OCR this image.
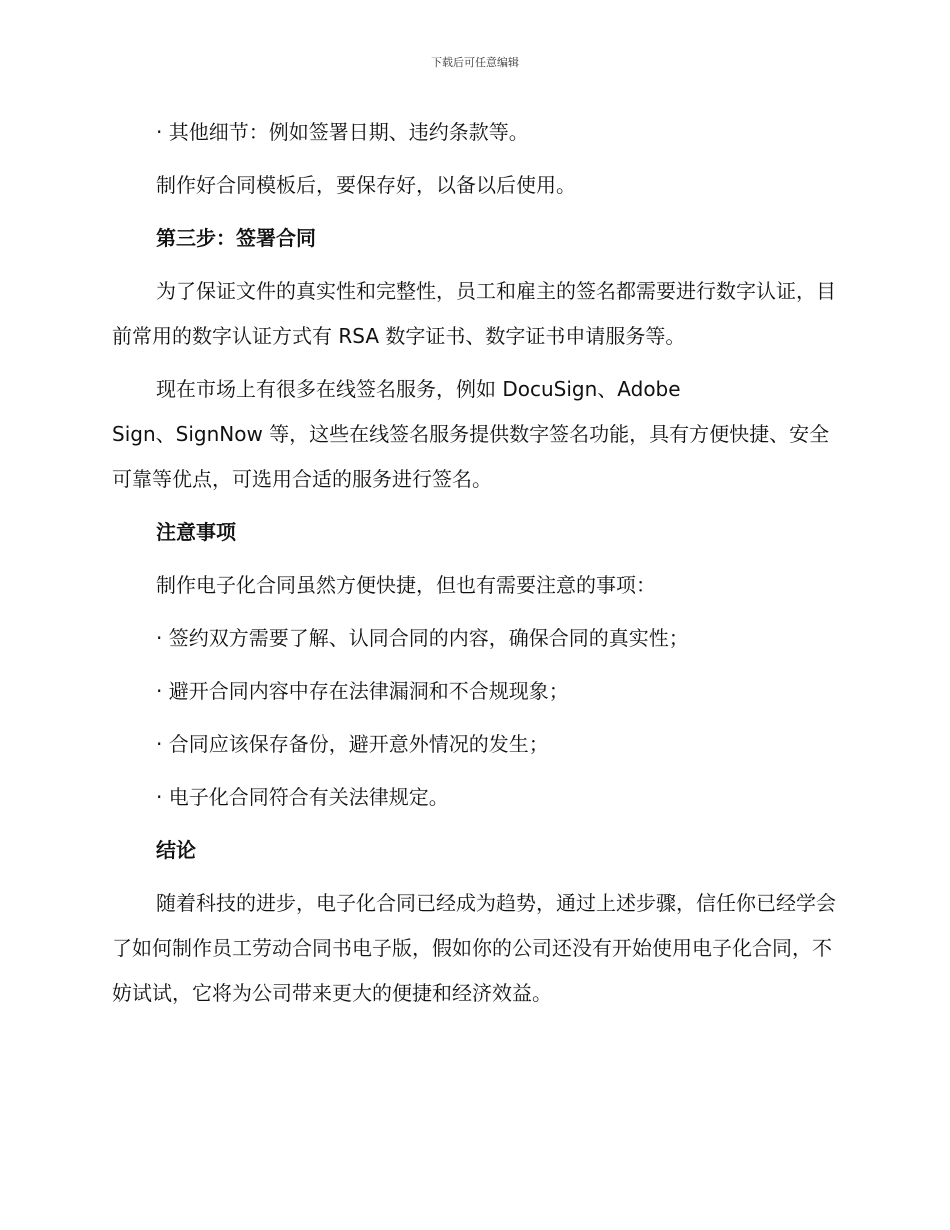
下载后可任意编辑

· 其他细节：例如签署日期、违约条款等。

制作好合同模板后，要保存好，以备以后使用。

第三步：签署合同

为了保证文件的真实性和完整性，员工和雇主的签名都需要进行数字认证，目前常用的数字认证方式有 RSA 数字证书、数字证书申请服务等。

现在市场上有很多在线签名服务，例如 DocuSign、Adobe

Sign、SignNow 等，这些在线签名服务提供数字签名功能，具有方便快捷、安全可靠等优点，可选用合适的服务进行签名。

注意事项

制作电子化合同虽然方便快捷，但也有需要注意的事项：

· 签约双方需要了解、认同合同的内容，确保合同的真实性；

· 避开合同内容中存在法律漏洞和不合规现象；

· 合同应该保存备份，避开意外情况的发生；

· 电子化合同符合有关法律规定。

结论

随着科技的进步，电子化合同已经成为趋势，通过上述步骤，信任你已经学会了如何制作员工劳动合同书电子版，假如你的公司还没有开始使用电子化合同，不妨试试，它将为公司带来更大的便捷和经济效益。
